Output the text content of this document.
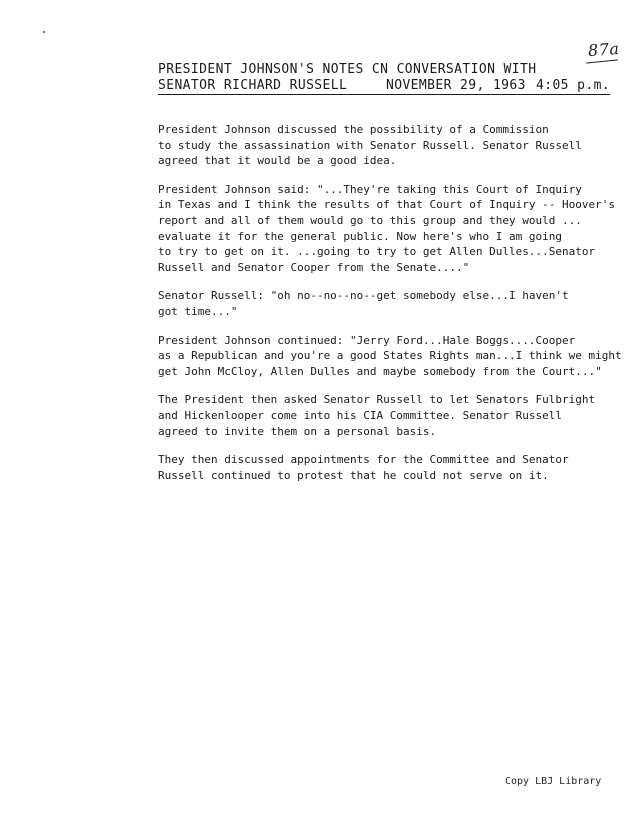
87a
PRESIDENT JOHNSON'S NOTES CN CONVERSATION WITH
SENATOR RICHARD RUSSELL	NOVEMBER 29, 1963 4:05 p.m.
President Johnson discussed the possibility of a Commission
to study the assassination with Senator Russell. Senator Russell
agreed that it would be a good idea.
President Johnson said: "...They're taking this Court of Inquiry
in Texas and I think the results of that Court of Inquiry -- Hoover's
report and all of them would go to this group and they would ...
evaluate it for the general public. Now here's who I am going
to try to get on it. ...going to try to get Allen Dulles...Senator
Russell and Senator Cooper from the Senate...."
Senator Russell: "oh no--no--no--get somebody else...I haven't
got time..."
President Johnson continued: "Jerry Ford...Hale Boggs....Cooper
as a Republican and you're a good States Rights man...I think we might
get John McCloy, Allen Dulles and maybe somebody from the Court..."
The President then asked Senator Russell to let Senators Fulbright
and Hickenlooper come into his CIA Committee. Senator Russell
agreed to invite them on a personal basis.
They then discussed appointments for the Committee and Senator
Russell continued to protest that he could not serve on it.
Copy LBJ Library
